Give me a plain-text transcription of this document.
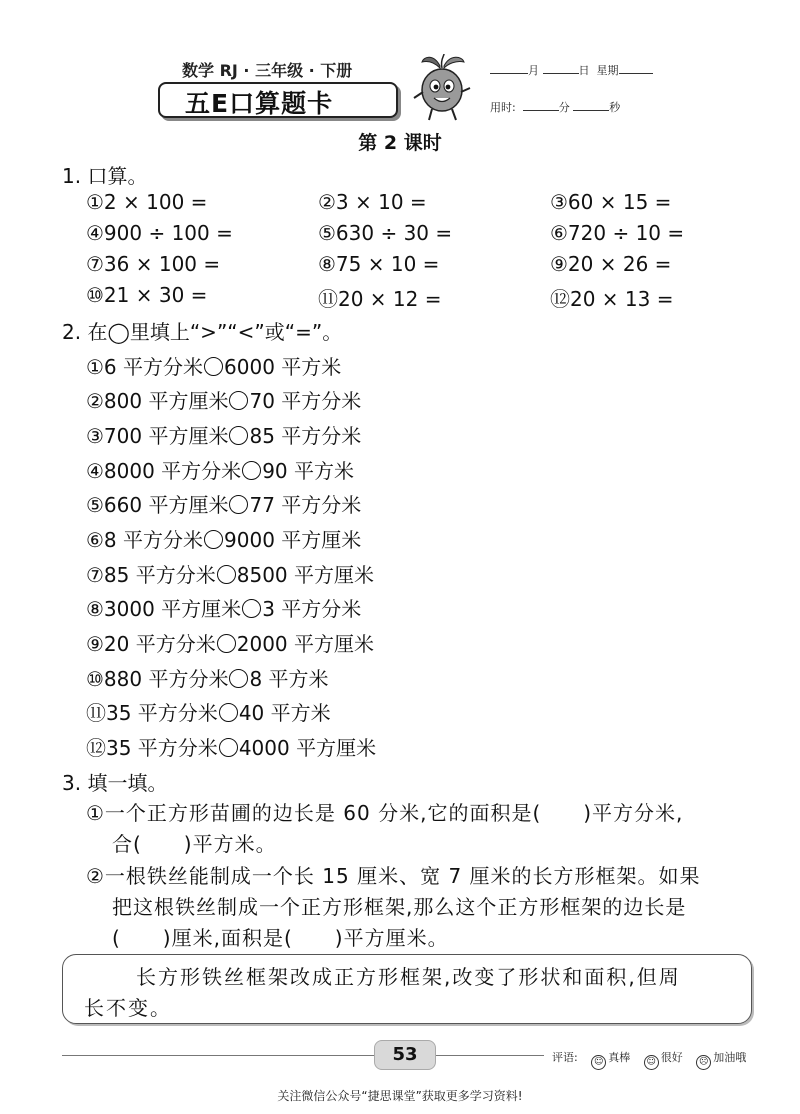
数学 RJ · 三年级 · 下册
五E口算题卡
月	日 星期
用时:	分	秒
第 2 课时
1. 口算。
①2 × 100 =	②3 × 10 =	③60 × 15 =
④900 ÷ 100 =	⑤630 ÷ 30 =	⑥720 ÷ 10 =
⑦36 × 100 =	⑧75 × 10 =	⑨20 × 26 =
⑩21 × 30 =	⑪20 × 12 =	⑫20 × 13 =
2. 在◯里填上“>”“<”或“=”。
①6 平方分米 6000 平方米
②800 平方厘米 70 平方分米
③700 平方厘米 85 平方分米
④8000 平方分米 90 平方米
⑤660 平方厘米 77 平方分米
⑥8 平方分米 9000 平方厘米
⑦85 平方分米 8500 平方厘米
⑧3000 平方厘米 3 平方分米
⑨20 平方分米 2000 平方厘米
⑩880 平方分米 8 平方米
⑪35 平方分米 40 平方米
⑫35 平方分米 4000 平方厘米
3. 填一填。
①一个正方形苗圃的边长是 60 分米,它的面积是(　　)平方分米,
合(　　)平方米。
②一根铁丝能制成一个长 15 厘米、宽 7 厘米的长方形框架。如果
把这根铁丝制成一个正方形框架,那么这个正方形框架的边长是
(　　)厘米,面积是(　　)平方厘米。
长方形铁丝框架改成正方形框架,改变了形状和面积,但周
长不变。
53	评语: ☺ 真棒 ☺ 很好 ☹ 加油哦
关注微信公众号“捷思课堂”获取更多学习资料!
